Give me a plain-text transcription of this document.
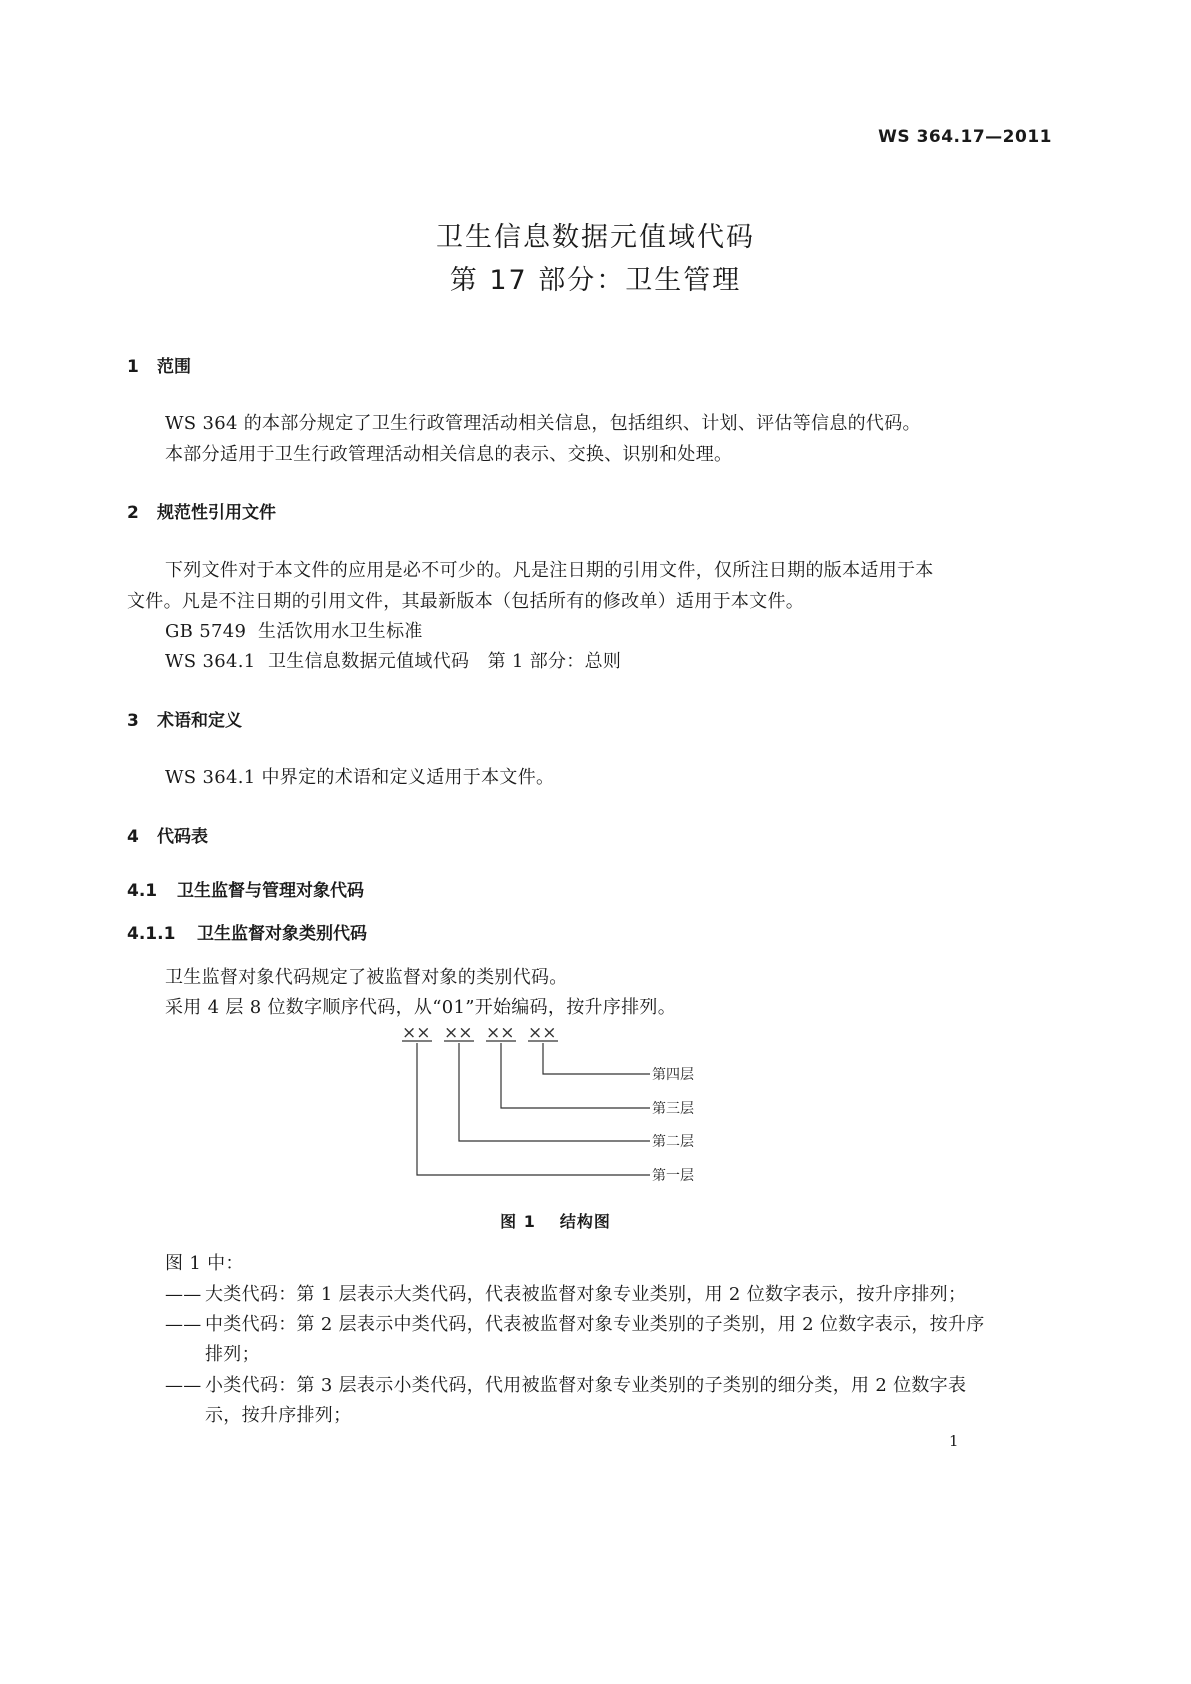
WS 364.17—2011
卫生信息数据元值域代码
第 17 部分：卫生管理
1 范围
WS 364 的本部分规定了卫生行政管理活动相关信息，包括组织、计划、评估等信息的代码。
本部分适用于卫生行政管理活动相关信息的表示、交换、识别和处理。
2 规范性引用文件
下列文件对于本文件的应用是必不可少的。凡是注日期的引用文件，仅所注日期的版本适用于本
文件。凡是不注日期的引用文件，其最新版本（包括所有的修改单）适用于本文件。
GB 5749 生活饮用水卫生标准
WS 364.1 卫生信息数据元值域代码　第 1 部分：总则
3 术语和定义
WS 364.1 中界定的术语和定义适用于本文件。
4 代码表
4.1 卫生监督与管理对象代码
4.1.1 卫生监督对象类别代码
卫生监督对象代码规定了被监督对象的类别代码。
采用 4 层 8 位数字顺序代码，从“01”开始编码，按升序排列。
×× ×× ×× ××
第四层
第三层
第二层
第一层
图 1 结构图
图 1 中：
—— 大类代码：第 1 层表示大类代码，代表被监督对象专业类别，用 2 位数字表示，按升序排列；
—— 中类代码：第 2 层表示中类代码，代表被监督对象专业类别的子类别，用 2 位数字表示，按升序
排列；
—— 小类代码：第 3 层表示小类代码，代用被监督对象专业类别的子类别的细分类，用 2 位数字表
示，按升序排列；
1
